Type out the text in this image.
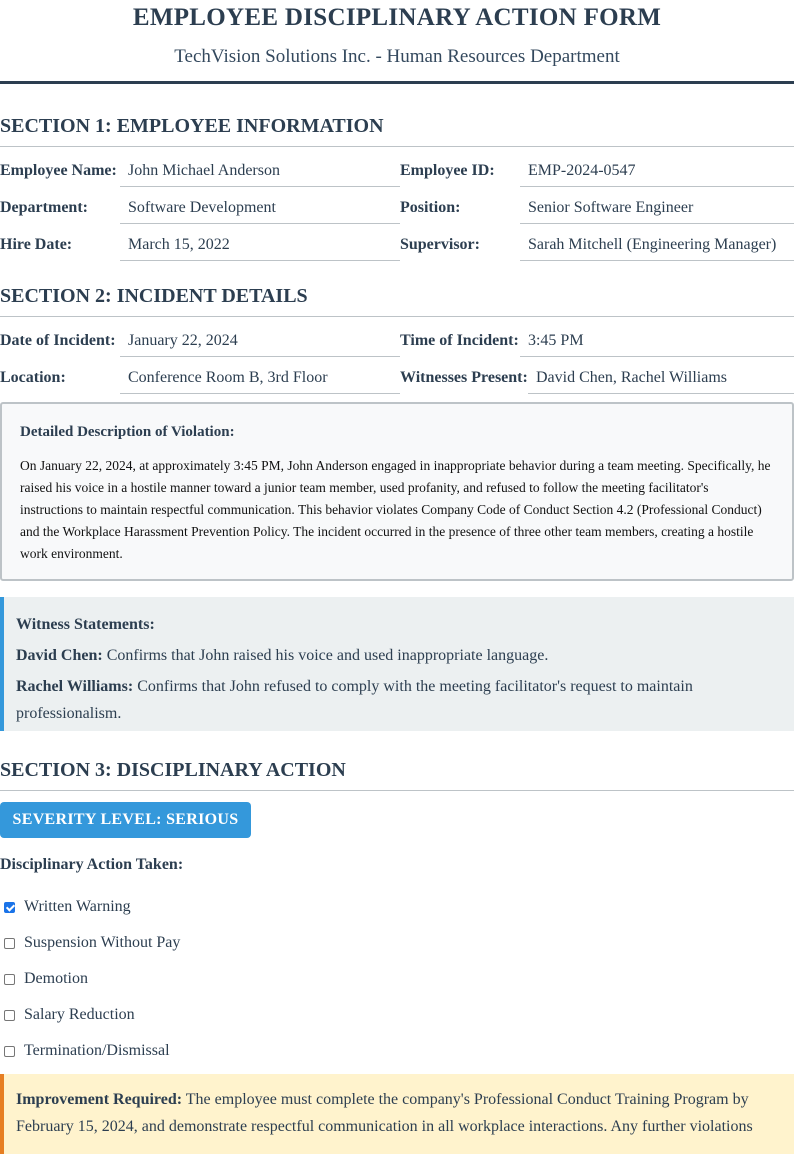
EMPLOYEE DISCIPLINARY ACTION FORM
TechVision Solutions Inc. - Human Resources Department
SECTION 1: EMPLOYEE INFORMATION
Employee Name: John Michael Anderson	Employee ID:	EMP-2024-0547
Department:	Software Development	Position:	Senior Software Engineer
Hire Date:	March 15, 2022	Supervisor:	Sarah Mitchell (Engineering Manager)
SECTION 2: INCIDENT DETAILS
Date of Incident: January 22, 2024	Time of Incident: 3:45 PM
Location:	Conference Room B, 3rd Floor	Witnesses Present: David Chen, Rachel Williams
Detailed Description of Violation:
On January 22, 2024, at approximately 3:45 PM, John Anderson engaged in inappropriate behavior during a team meeting. Specifically, he raised his voice in a hostile manner toward a junior team member, used profanity, and refused to follow the meeting facilitator's instructions to maintain respectful communication. This behavior violates Company Code of Conduct Section 4.2 (Professional Conduct) and the Workplace Harassment Prevention Policy. The incident occurred in the presence of three other team members, creating a hostile work environment.
Witness Statements:
David Chen: Confirms that John raised his voice and used inappropriate language.
Rachel Williams: Confirms that John refused to comply with the meeting facilitator's request to maintain professionalism.
SECTION 3: DISCIPLINARY ACTION
SEVERITY LEVEL: SERIOUS
Disciplinary Action Taken:
Written Warning
Suspension Without Pay
Demotion
Salary Reduction
Termination/Dismissal
Improvement Required: The employee must complete the company's Professional Conduct Training Program by February 15, 2024, and demonstrate respectful communication in all workplace interactions. Any further violations
